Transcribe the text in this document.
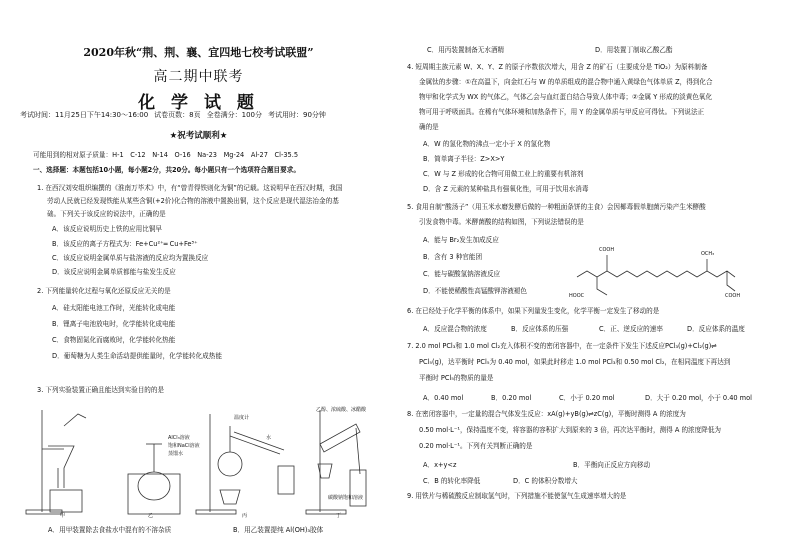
2020年秋“荆、荆、襄、宜四地七校考试联盟”
高二期中联考
化 学 试 题
考试时间：11月25日下午14:30～16:00 试卷页数：8页 全卷满分：100分 考试用时：90分钟
★祝考试顺利★
可能用到的相对原子质量：H-1　C-12　N-14　O-16　Na-23　Mg-24　Al-27　Cl-35.5
一、选择题：本题包括10小题，每小题2分，共20分。每小题只有一个选项符合题目要求。
1. 在西汉刘安组织编撰的《淮南万毕术》中，有“曾青得铁则化为铜”的记载。这说明早在西汉时期，我国
劳动人民就已经发现铁能从某些含铜(+2价)化合物的溶液中置换出铜，这个反应是现代湿法冶金的基
础。下列关于该反应的说法中，正确的是
A．该反应说明历史上铁的应用比铜早
B．该反应的离子方程式为：Fe+Cu²⁺═ Cu+Fe³⁺
C．该反应说明金属单质与盐溶液的反应均为置换反应
D．该反应说明金属单质都能与盐发生反应
2. 下列能量转化过程与氧化还原反应无关的是
A．硅太阳能电池工作时，光能转化成电能
B．锂离子电池放电时，化学能转化成电能
C．食物固氮化而腐败时，化学能转化热能
D．葡萄糖为人类生命活动提供能量时，化学能转化成热能
3. 下列实验装置正确且能达到实验目的的是
甲	乙	丙	丁
AlCl₃溶液
饱和NaCl溶液
蒸馏水
温度计
水
乙醇、浓硫酸、冰醋酸
碳酸钠饱和溶液
A．用甲装置除去食盐水中混有的不溶杂质	B．用乙装置提纯 Al(OH)₃胶体
C．用丙装置制备无水酒精	D．用装置丁制取乙酸乙酯
4. 短周期主族元素 W、X、Y、Z 的原子序数依次增大，用含 Z 的矿石（主要成分是 TiO₂）为原料制备
金属钛的步骤：①在高温下，向金红石与 W 的单质组成的混合物中通入黄绿色气体单质 Z，得到化合
物甲和化学式为 WX 的气体乙，气体乙会与血红蛋白结合导致人体中毒；②金属 Y 形成的淡黄色氧化
物可用于呼吸面具。在稀有气体环境和加热条件下，用 Y 的金属单质与甲反应可得钛。下列说法正
确的是
A．W 的氢化物的沸点一定小于 X 的氢化物
B．简单离子半径：Z>X>Y
C．W 与 Z 形成的化合物可用做工业上的重要有机溶剂
D．含 Z 元素的某种盐具有强氧化性，可用于饮用水消毒
5. 食用自制“酸汤子”（用玉米水磨发酵后做的一种粗面条饼的主食）会因椰毒假单胞菌污染产生米酵酸
引发食物中毒。米酵菌酸的结构如图，下列说法错误的是
A．能与 Br₂发生加成反应
B．含有 3 种官能团
C．能与碳酸氢钠溶液反应
D．不能使稀酸性高锰酸钾溶液褪色
COOH
HOOC
OCH₃
COOH
6. 在已经处于化学平衡的体系中，如果下列量发生变化，化学平衡一定发生了移动的是
A．反应混合物的浓度	B．反应体系的压强	C．正、逆反应的速率	D．反应体系的温度
7. 2.0 mol PCl₃和 1.0 mol Cl₂充入体积不变的密闭容器中，在一定条件下发生下述反应PCl₃(g)+Cl₂(g)⇌
PCl₅(g)，达平衡时 PCl₅为 0.40 mol，如果此时移走 1.0 mol PCl₃和 0.50 mol Cl₂，在相同温度下再达到
平衡时 PCl₅的物质的量是
A．0.40 mol	B．0.20 mol	C．小于 0.20 mol	D．大于 0.20 mol，小于 0.40 mol
8. 在密闭容器中，一定量的混合气体发生反应：xA(g)+yB(g)⇌zC(g)，平衡时测得 A 的浓度为
0.50 mol·L⁻¹，保持温度不变，将容器的容积扩大到原来的 3 倍，再次达平衡时，测得 A 的浓度降低为
0.20 mol·L⁻¹。下列有关判断正确的是
A．x+y<z	B．平衡向正反应方向移动
C．B 的转化率降低	D．C 的体积分数增大
9. 用铁片与稀硫酸反应制取氢气时，下列措施不能使氢气生成速率增大的是
